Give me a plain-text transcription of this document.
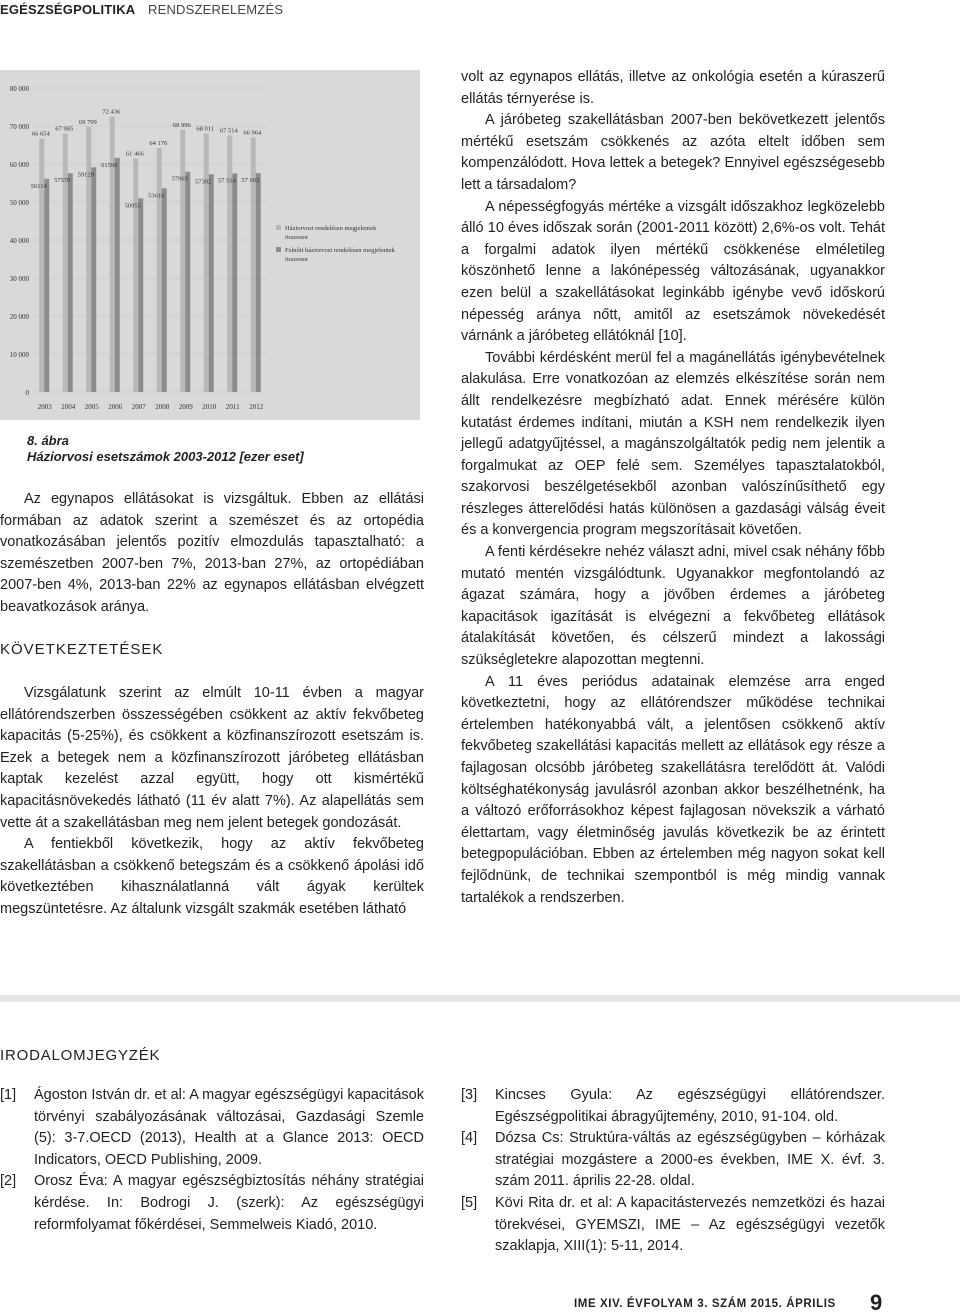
EGÉSZSÉGPOLITIKA RENDSZERELEMZÉS
0
10 000
20 000
30 000
40 000
50 000
60 000
70 000
80 000
66 654
56114
2003
67 985
57570
2004
69 799
59129
2005
72 436
61598
2006
61 466
50955
2007
64 176
53616
2008
68 996
57963
2009
68 011
57302
2010
67 514
57 514
2011
66 964
57 602
2012
Háziorvosi rendelésen megjelentek
összesen
Felnőtt háziorvosi rendelésen megjelentek
összesen
8. ábra
Háziorvosi esetszámok 2003-2012 [ezer eset]

Az egynapos ellátásokat is vizsgáltuk. Ebben az ellátási formában az adatok szerint a szemészet és az ortopédia vonatkozásában jelentős pozitív elmozdulás tapasztalható: a szemészetben 2007-ben 7%, 2013-ban 27%, az ortopédiában 2007-ben 4%, 2013-ban 22% az egynapos ellátásban elvégzett beavatkozások aránya.

KÖVETKEZTETÉSEK

Vizsgálatunk szerint az elmúlt 10-11 évben a magyar ellátórendszerben összességében csökkent az aktív fekvőbeteg kapacitás (5-25%), és csökkent a közfinanszírozott esetszám is. Ezek a betegek nem a közfinanszírozott járóbeteg ellátásban kaptak kezelést azzal együtt, hogy ott kismértékű kapacitásnövekedés látható (11 év alatt 7%). Az alapellátás sem vette át a szakellátásban meg nem jelent betegek gondozását.

A fentiekből következik, hogy az aktív fekvőbeteg szakellátásban a csökkenő betegszám és a csökkenő ápolási idő következtében kihasználatlanná vált ágyak kerültek megszüntetésre. Az általunk vizsgált szakmák esetében látható

volt az egynapos ellátás, illetve az onkológia esetén a kúraszerű ellátás térnyerése is.

A járóbeteg szakellátásban 2007-ben bekövetkezett jelentős mértékű esetszám csökkenés az azóta eltelt időben sem kompenzálódott. Hova lettek a betegek? Ennyivel egészségesebb lett a társadalom?

A népességfogyás mértéke a vizsgált időszakhoz legközelebb álló 10 éves időszak során (2001-2011 között) 2,6%-os volt. Tehát a forgalmi adatok ilyen mértékű csökkenése elméletileg köszönhető lenne a lakónépesség változásának, ugyanakkor ezen belül a szakellátásokat leginkább igénybe vevő időskorú népesség aránya nőtt, amitől az esetszámok növekedését várnánk a járóbeteg ellátóknál [10].

További kérdésként merül fel a magánellátás igénybevételnek alakulása. Erre vonatkozóan az elemzés elkészítése során nem állt rendelkezésre megbízható adat. Ennek mérésére külön kutatást érdemes indítani, miután a KSH nem rendelkezik ilyen jellegű adatgyűjtéssel, a magánszolgáltatók pedig nem jelentik a forgalmukat az OEP felé sem. Személyes tapasztalatokból, szakorvosi beszélgetésekből azonban valószínűsíthető egy részleges átterelődési hatás különösen a gazdasági válság éveit és a konvergencia program megszorításait követően.

A fenti kérdésekre nehéz választ adni, mivel csak néhány főbb mutató mentén vizsgálódtunk. Ugyanakkor megfontolandó az ágazat számára, hogy a jövőben érdemes a járóbeteg kapacitások igazítását is elvégezni a fekvőbeteg ellátások átalakítását követően, és célszerű mindezt a lakossági szükségletekre alapozottan megtenni.

A 11 éves periódus adatainak elemzése arra enged következtetni, hogy az ellátórendszer működése technikai értelemben hatékonyabbá vált, a jelentősen csökkenő aktív fekvőbeteg szakellátási kapacitás mellett az ellátások egy része a fajlagosan olcsóbb járóbeteg szakellátásra terelődött át. Valódi költséghatékonyság javulásról azonban akkor beszélhetnénk, ha a változó erőforrásokhoz képest fajlagosan növekszik a várható élettartam, vagy életminőség javulás következik be az érintett betegpopulációban. Ebben az értelemben még nagyon sokat kell fejlődnünk, de technikai szempontból is még mindig vannak tartalékok a rendszerben.

IRODALOMJEGYZÉK
[1]	Ágoston István dr. et al: A magyar egészségügyi kapacitások törvényi szabályozásának változásai, Gazdasági Szemle (5): 3-7.OECD (2013), Health at a Glance 2013: OECD Indicators, OECD Publishing, 2009.
[2]	Orosz Éva: A magyar egészségbiztosítás néhány stratégiai kérdése. In: Bodrogi J. (szerk): Az egészségügyi reformfolyamat főkérdései, Semmelweis Kiadó, 2010.
[3]	Kincses Gyula: Az egészségügyi ellátórendszer. Egészségpolitikai ábragyűjtemény, 2010, 91-104. old.
[4]	Dózsa Cs: Struktúra-váltás az egészségügyben – kórházak stratégiai mozgástere a 2000-es években, IME X. évf. 3. szám 2011. április 22-28. oldal.
[5]	Kövi Rita dr. et al: A kapacitástervezés nemzetközi és hazai törekvései, GYEMSZI, IME – Az egészségügyi vezetők szaklapja, XIII(1): 5-11, 2014.
IME XIV. ÉVFOLYAM 3. SZÁM 2015. ÁPRILIS 9
